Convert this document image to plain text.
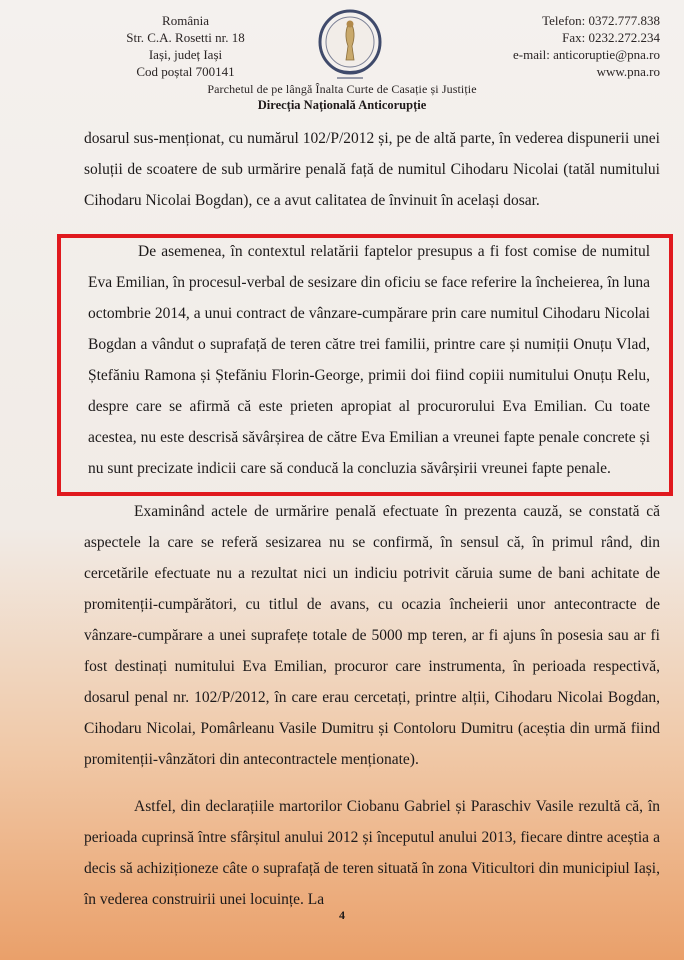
România
Str. C.A. Rosetti nr. 18
Iași, județ Iași
Cod poștal 700141
Telefon: 0372.777.838
Fax: 0232.272.234
e-mail: anticoruptie@pna.ro
www.pna.ro
Parchetul de pe lângă Înalta Curte de Casație și Justiție
Direcția Națională Anticorupție

dosarul sus-menționat, cu numărul 102/P/2012 și, pe de altă parte, în vederea dispunerii unei soluții de scoatere de sub urmărire penală față de numitul Cihodaru Nicolai (tatăl numitului Cihodaru Nicolai Bogdan), ce a avut calitatea de învinuit în același dosar.

De asemenea, în contextul relatării faptelor presupus a fi fost comise de numitul Eva Emilian, în procesul-verbal de sesizare din oficiu se face referire la încheierea, în luna octombrie 2014, a unui contract de vânzare-cumpărare prin care numitul Cihodaru Nicolai Bogdan a vândut o suprafață de teren către trei familii, printre care și numiții Onuțu Vlad, Ștefăniu Ramona și Ștefăniu Florin-George, primii doi fiind copiii numitului Onuțu Relu, despre care se afirmă că este prieten apropiat al procurorului Eva Emilian. Cu toate acestea, nu este descrisă săvârșirea de către Eva Emilian a vreunei fapte penale concrete și nu sunt precizate indicii care să conducă la concluzia săvârșirii vreunei fapte penale.

Examinând actele de urmărire penală efectuate în prezenta cauză, se constată că aspectele la care se referă sesizarea nu se confirmă, în sensul că, în primul rând, din cercetările efectuate nu a rezultat nici un indiciu potrivit căruia sume de bani achitate de promitenții-cumpărători, cu titlul de avans, cu ocazia încheierii unor antecontracte de vânzare-cumpărare a unei suprafețe totale de 5000 mp teren, ar fi ajuns în posesia sau ar fi fost destinați numitului Eva Emilian, procuror care instrumenta, în perioada respectivă, dosarul penal nr. 102/P/2012, în care erau cercetați, printre alții, Cihodaru Nicolai Bogdan, Cihodaru Nicolai, Pomârleanu Vasile Dumitru și Contoloru Dumitru (aceștia din urmă fiind promitenții-vânzători din antecontractele menționate).

Astfel, din declarațiile martorilor Ciobanu Gabriel și Paraschiv Vasile rezultă că, în perioada cuprinsă între sfârșitul anului 2012 și începutul anului 2013, fiecare dintre aceștia a decis să achiziționeze câte o suprafață de teren situată în zona Viticultori din municipiul Iași, în vederea construirii unei locuințe. La

4
